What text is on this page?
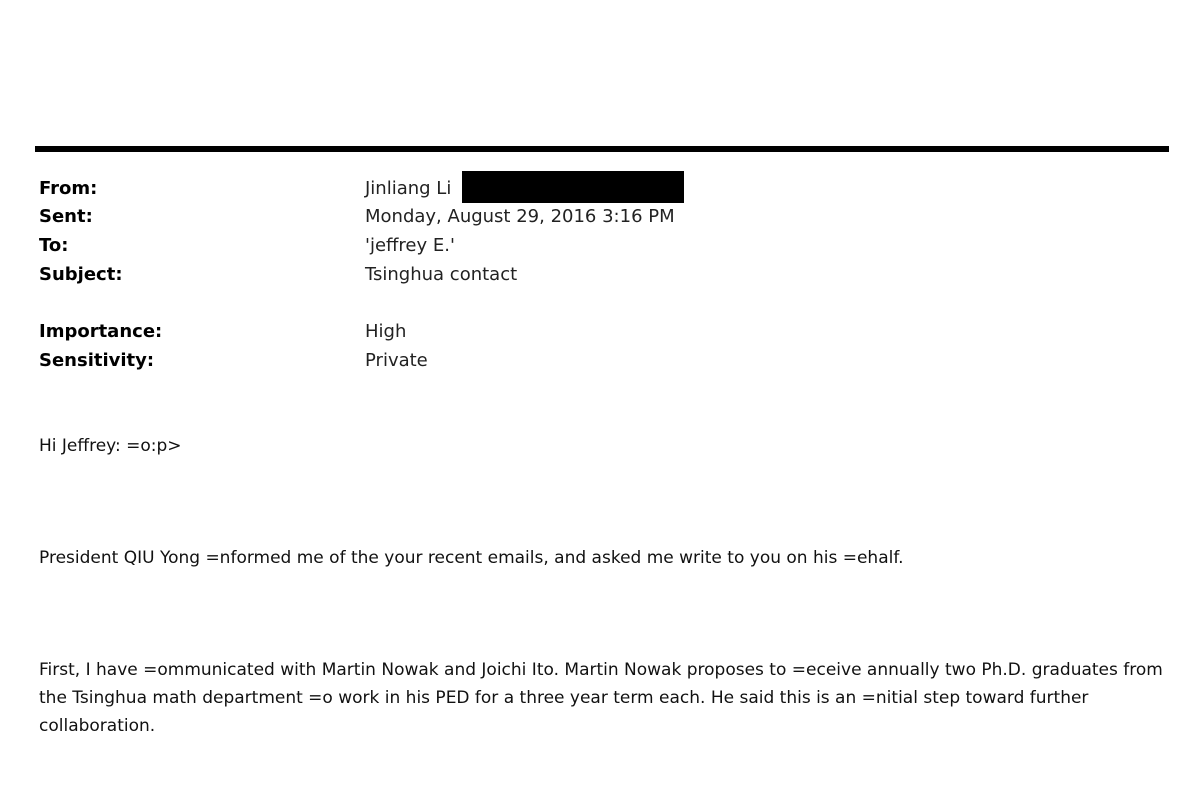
From:	Jinliang Li
Sent:	Monday, August 29, 2016 3:16 PM
To:	'jeffrey E.'
Subject:	Tsinghua contact
Importance:	High
Sensitivity:	Private
Hi Jeffrey: =o:p>
President QIU Yong =nformed me of the your recent emails, and asked me write to you on his =ehalf.
First, I have =ommunicated with Martin Nowak and Joichi Ito. Martin Nowak proposes to =eceive annually two Ph.D. graduates from the Tsinghua math department =o work in his PED for a three year term each. He said this is an =nitial step toward further collaboration.
